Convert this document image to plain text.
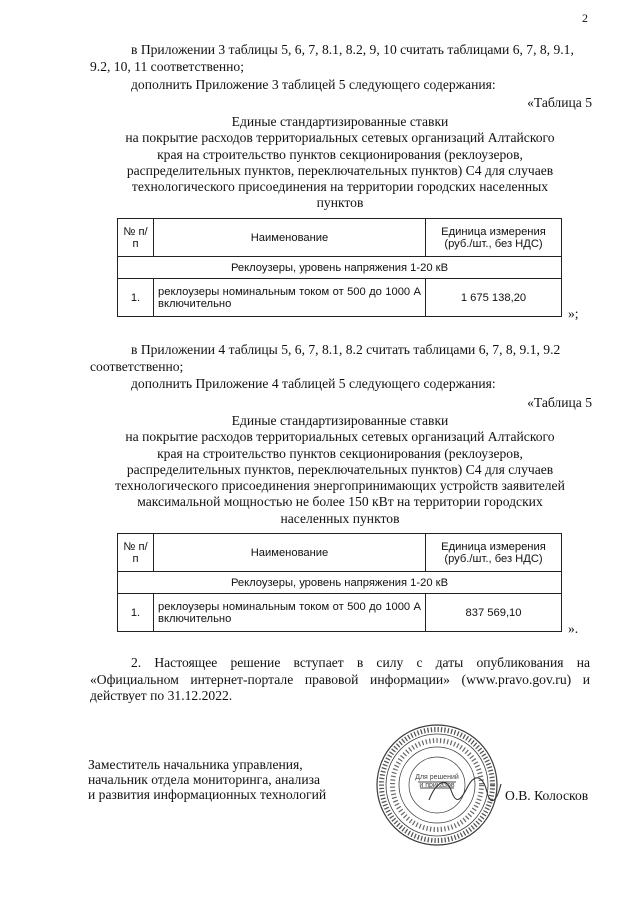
2
в Приложении 3 таблицы 5, 6, 7, 8.1, 8.2, 9, 10 считать таблицами 6, 7, 8, 9.1, 9.2, 10, 11 соответственно;
дополнить Приложение 3 таблицей 5 следующего содержания:
«Таблица 5
Единые стандартизированные ставки
на покрытие расходов территориальных сетевых организаций Алтайского
края на строительство пунктов секционирования (реклоузеров,
распределительных пунктов, переключательных пунктов) С4 для случаев
технологического присоединения на территории городских населенных
пунктов
№ п/п	Наименование	Единица измерения (руб./шт., без НДС)
Реклоузеры, уровень напряжения 1-20 кВ		
1.	реклоузеры номинальным током от 500 до 1000 А включительно	1 675 138,20
»;
в Приложении 4 таблицы 5, 6, 7, 8.1, 8.2 считать таблицами 6, 7, 8, 9.1, 9.2 соответственно;
дополнить Приложение 4 таблицей 5 следующего содержания:
«Таблица 5
Единые стандартизированные ставки
на покрытие расходов территориальных сетевых организаций Алтайского
края на строительство пунктов секционирования (реклоузеров,
распределительных пунктов, переключательных пунктов) С4 для случаев
технологического присоединения энергопринимающих устройств заявителей
максимальной мощностью не более 150 кВт на территории городских
населенных пунктов
№ п/п	Наименование	Единица измерения (руб./шт., без НДС)
Реклоузеры, уровень напряжения 1-20 кВ		
1.	реклоузеры номинальным током от 500 до 1000 А включительно	837 569,10
».
2. Настоящее решение вступает в силу с даты опубликования на «Официальном интернет-портале правовой информации» (www.pravo.gov.ru) и действует по 31.12.2022.
Заместитель начальника управления,
начальник отдела мониторинга, анализа
и развития информационных технологий
Для решений
и приказов
О.В. Колосков
